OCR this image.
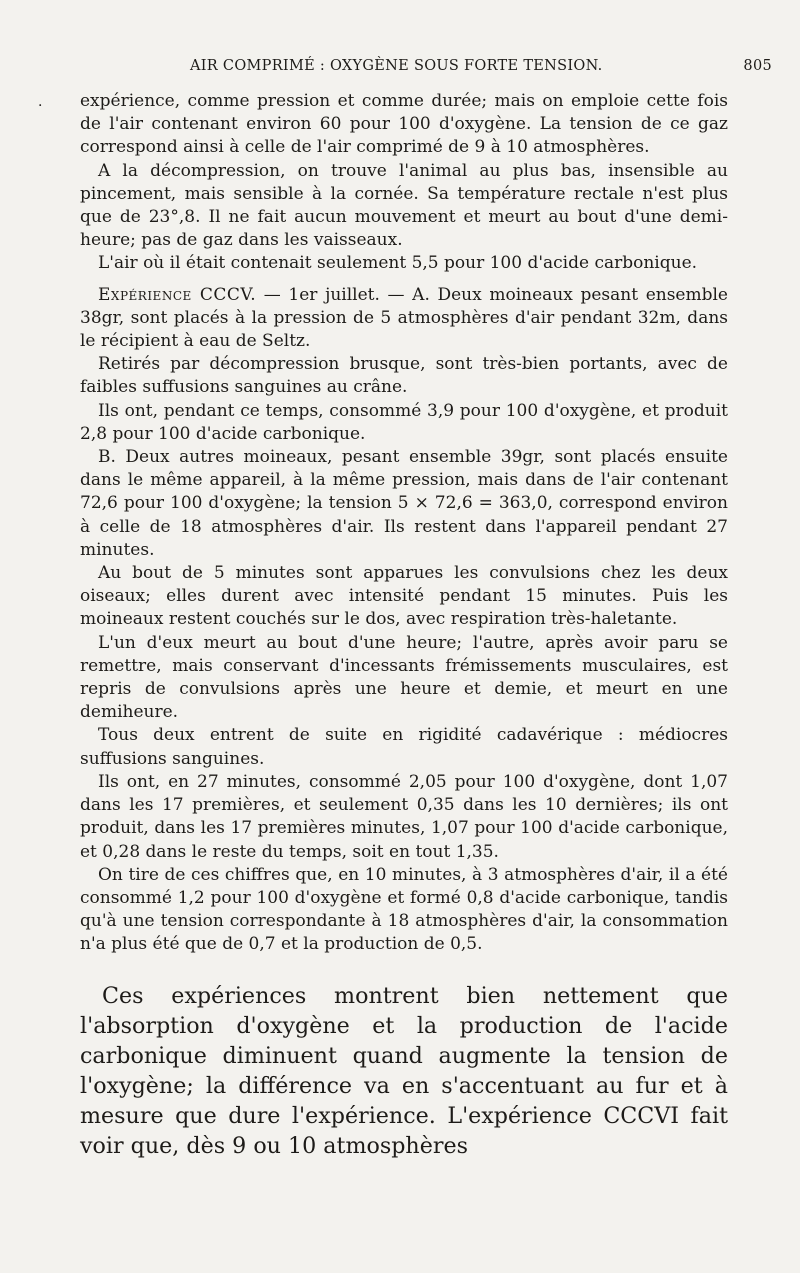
·
AIR COMPRIMÉ : OXYGÈNE SOUS FORTE TENSION.	805

expérience, comme pression et comme durée; mais on emploie cette fois de l'air contenant environ 60 pour 100 d'oxygène. La tension de ce gaz correspond ainsi à celle de l'air comprimé de 9 à 10 atmosphères.

A la décompression, on trouve l'animal au plus bas, insensible au pincement, mais sensible à la cornée. Sa température rectale n'est plus que de 23°,8. Il ne fait aucun mouvement et meurt au bout d'une demi-heure; pas de gaz dans les vaisseaux.

L'air où il était contenait seulement 5,5 pour 100 d'acide carbonique.

Expérience CCCV. — 1er juillet. — A. Deux moineaux pesant ensemble 38gr, sont placés à la pression de 5 atmosphères d'air pendant 32m, dans le récipient à eau de Seltz.

Retirés par décompression brusque, sont très-bien portants, avec de faibles suffusions sanguines au crâne.

Ils ont, pendant ce temps, consommé 3,9 pour 100 d'oxygène, et produit 2,8 pour 100 d'acide carbonique.

B. Deux autres moineaux, pesant ensemble 39gr, sont placés ensuite dans le même appareil, à la même pression, mais dans de l'air contenant 72,6 pour 100 d'oxygène; la tension 5 × 72,6 = 363,0, correspond environ à celle de 18 atmosphères d'air. Ils restent dans l'appareil pendant 27 minutes.

Au bout de 5 minutes sont apparues les convulsions chez les deux oiseaux; elles durent avec intensité pendant 15 minutes. Puis les moineaux restent couchés sur le dos, avec respiration très-haletante.

L'un d'eux meurt au bout d'une heure; l'autre, après avoir paru se remettre, mais conservant d'incessants frémissements musculaires, est repris de convulsions après une heure et demie, et meurt en une demiheure.

Tous deux entrent de suite en rigidité cadavérique : médiocres suffusions sanguines.

Ils ont, en 27 minutes, consommé 2,05 pour 100 d'oxygène, dont 1,07 dans les 17 premières, et seulement 0,35 dans les 10 dernières; ils ont produit, dans les 17 premières minutes, 1,07 pour 100 d'acide carbonique, et 0,28 dans le reste du temps, soit en tout 1,35.

On tire de ces chiffres que, en 10 minutes, à 3 atmosphères d'air, il a été consommé 1,2 pour 100 d'oxygène et formé 0,8 d'acide carbonique, tandis qu'à une tension correspondante à 18 atmosphères d'air, la consommation n'a plus été que de 0,7 et la production de 0,5.

Ces expériences montrent bien nettement que l'absorption d'oxygène et la production de l'acide carbonique diminuent quand augmente la tension de l'oxygène; la différence va en s'accentuant au fur et à mesure que dure l'expérience. L'expérience CCCVI fait voir que, dès 9 ou 10 atmosphères
